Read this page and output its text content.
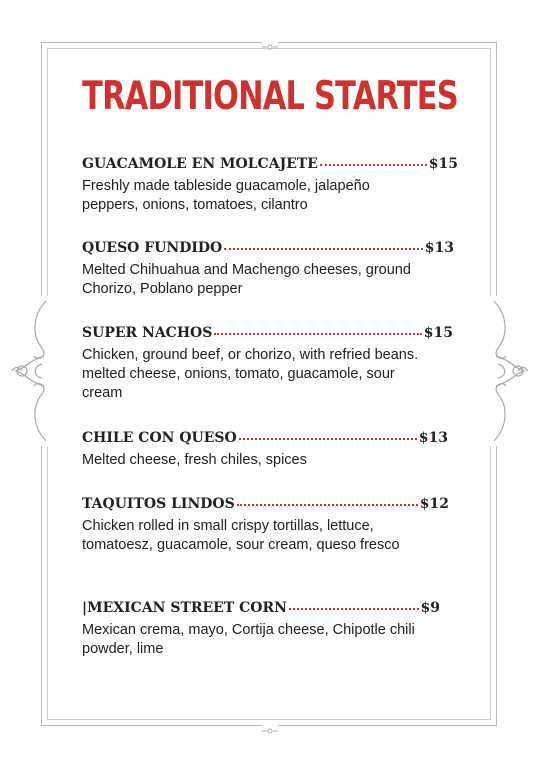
TRADITIONAL STARTES
GUACAMOLE EN MOLCAJETE	$15
Freshly made tableside guacamole, jalapeño peppers, onions, tomatoes, cilantro
QUESO FUNDIDO	$13
Melted Chihuahua and Machengo cheeses, ground Chorizo, Poblano pepper
SUPER NACHOS	$15
Chicken, ground beef, or chorizo, with refried beans. melted cheese, onions, tomato, guacamole, sour cream
CHILE CON QUESO	$13
Melted cheese, fresh chiles, spices
TAQUITOS LINDOS	$12
Chicken rolled in small crispy tortillas, lettuce, tomatoesz, guacamole, sour cream, queso fresco
|MEXICAN STREET CORN	$9
Mexican crema, mayo, Cortija cheese, Chipotle chili powder, lime
